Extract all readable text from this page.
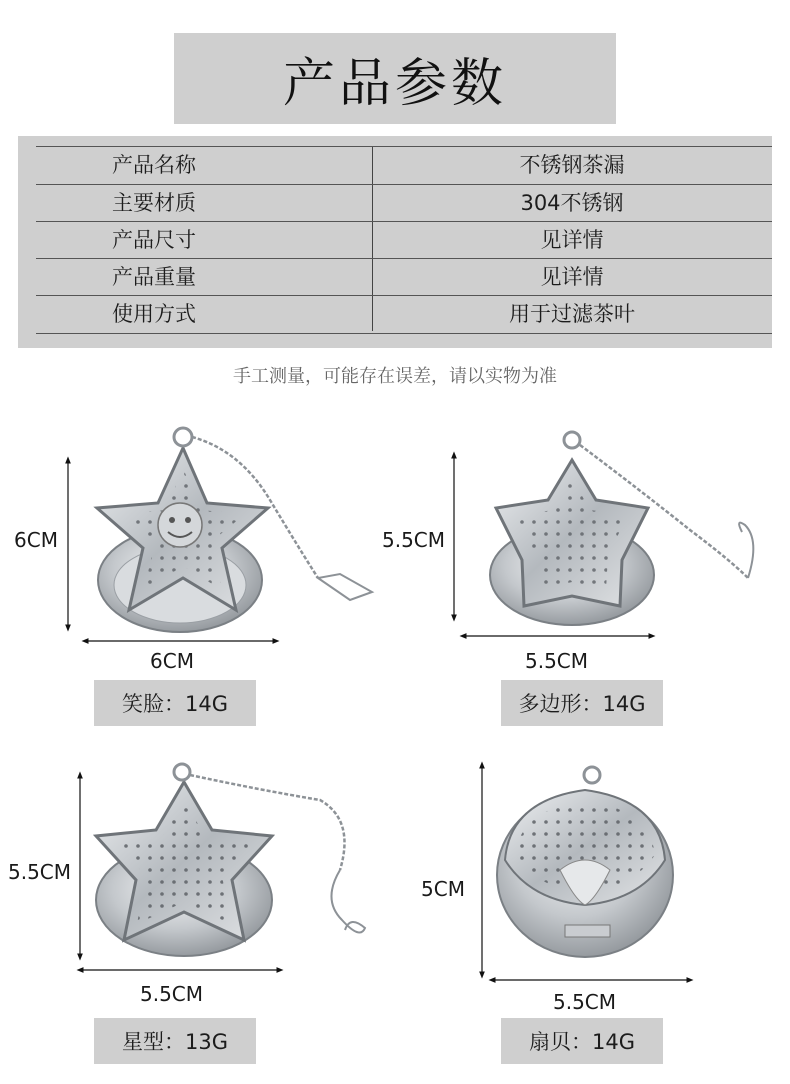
产品参数
产品名称	不锈钢茶漏
主要材质	304不锈钢
产品尺寸	见详情
产品重量	见详情
使用方式	用于过滤茶叶
手工测量，可能存在误差，请以实物为准
6CM
6CM
笑脸：14G
5.5CM
5.5CM
多边形：14G
5.5CM
5.5CM
星型：13G
5CM
5.5CM
扇贝：14G
